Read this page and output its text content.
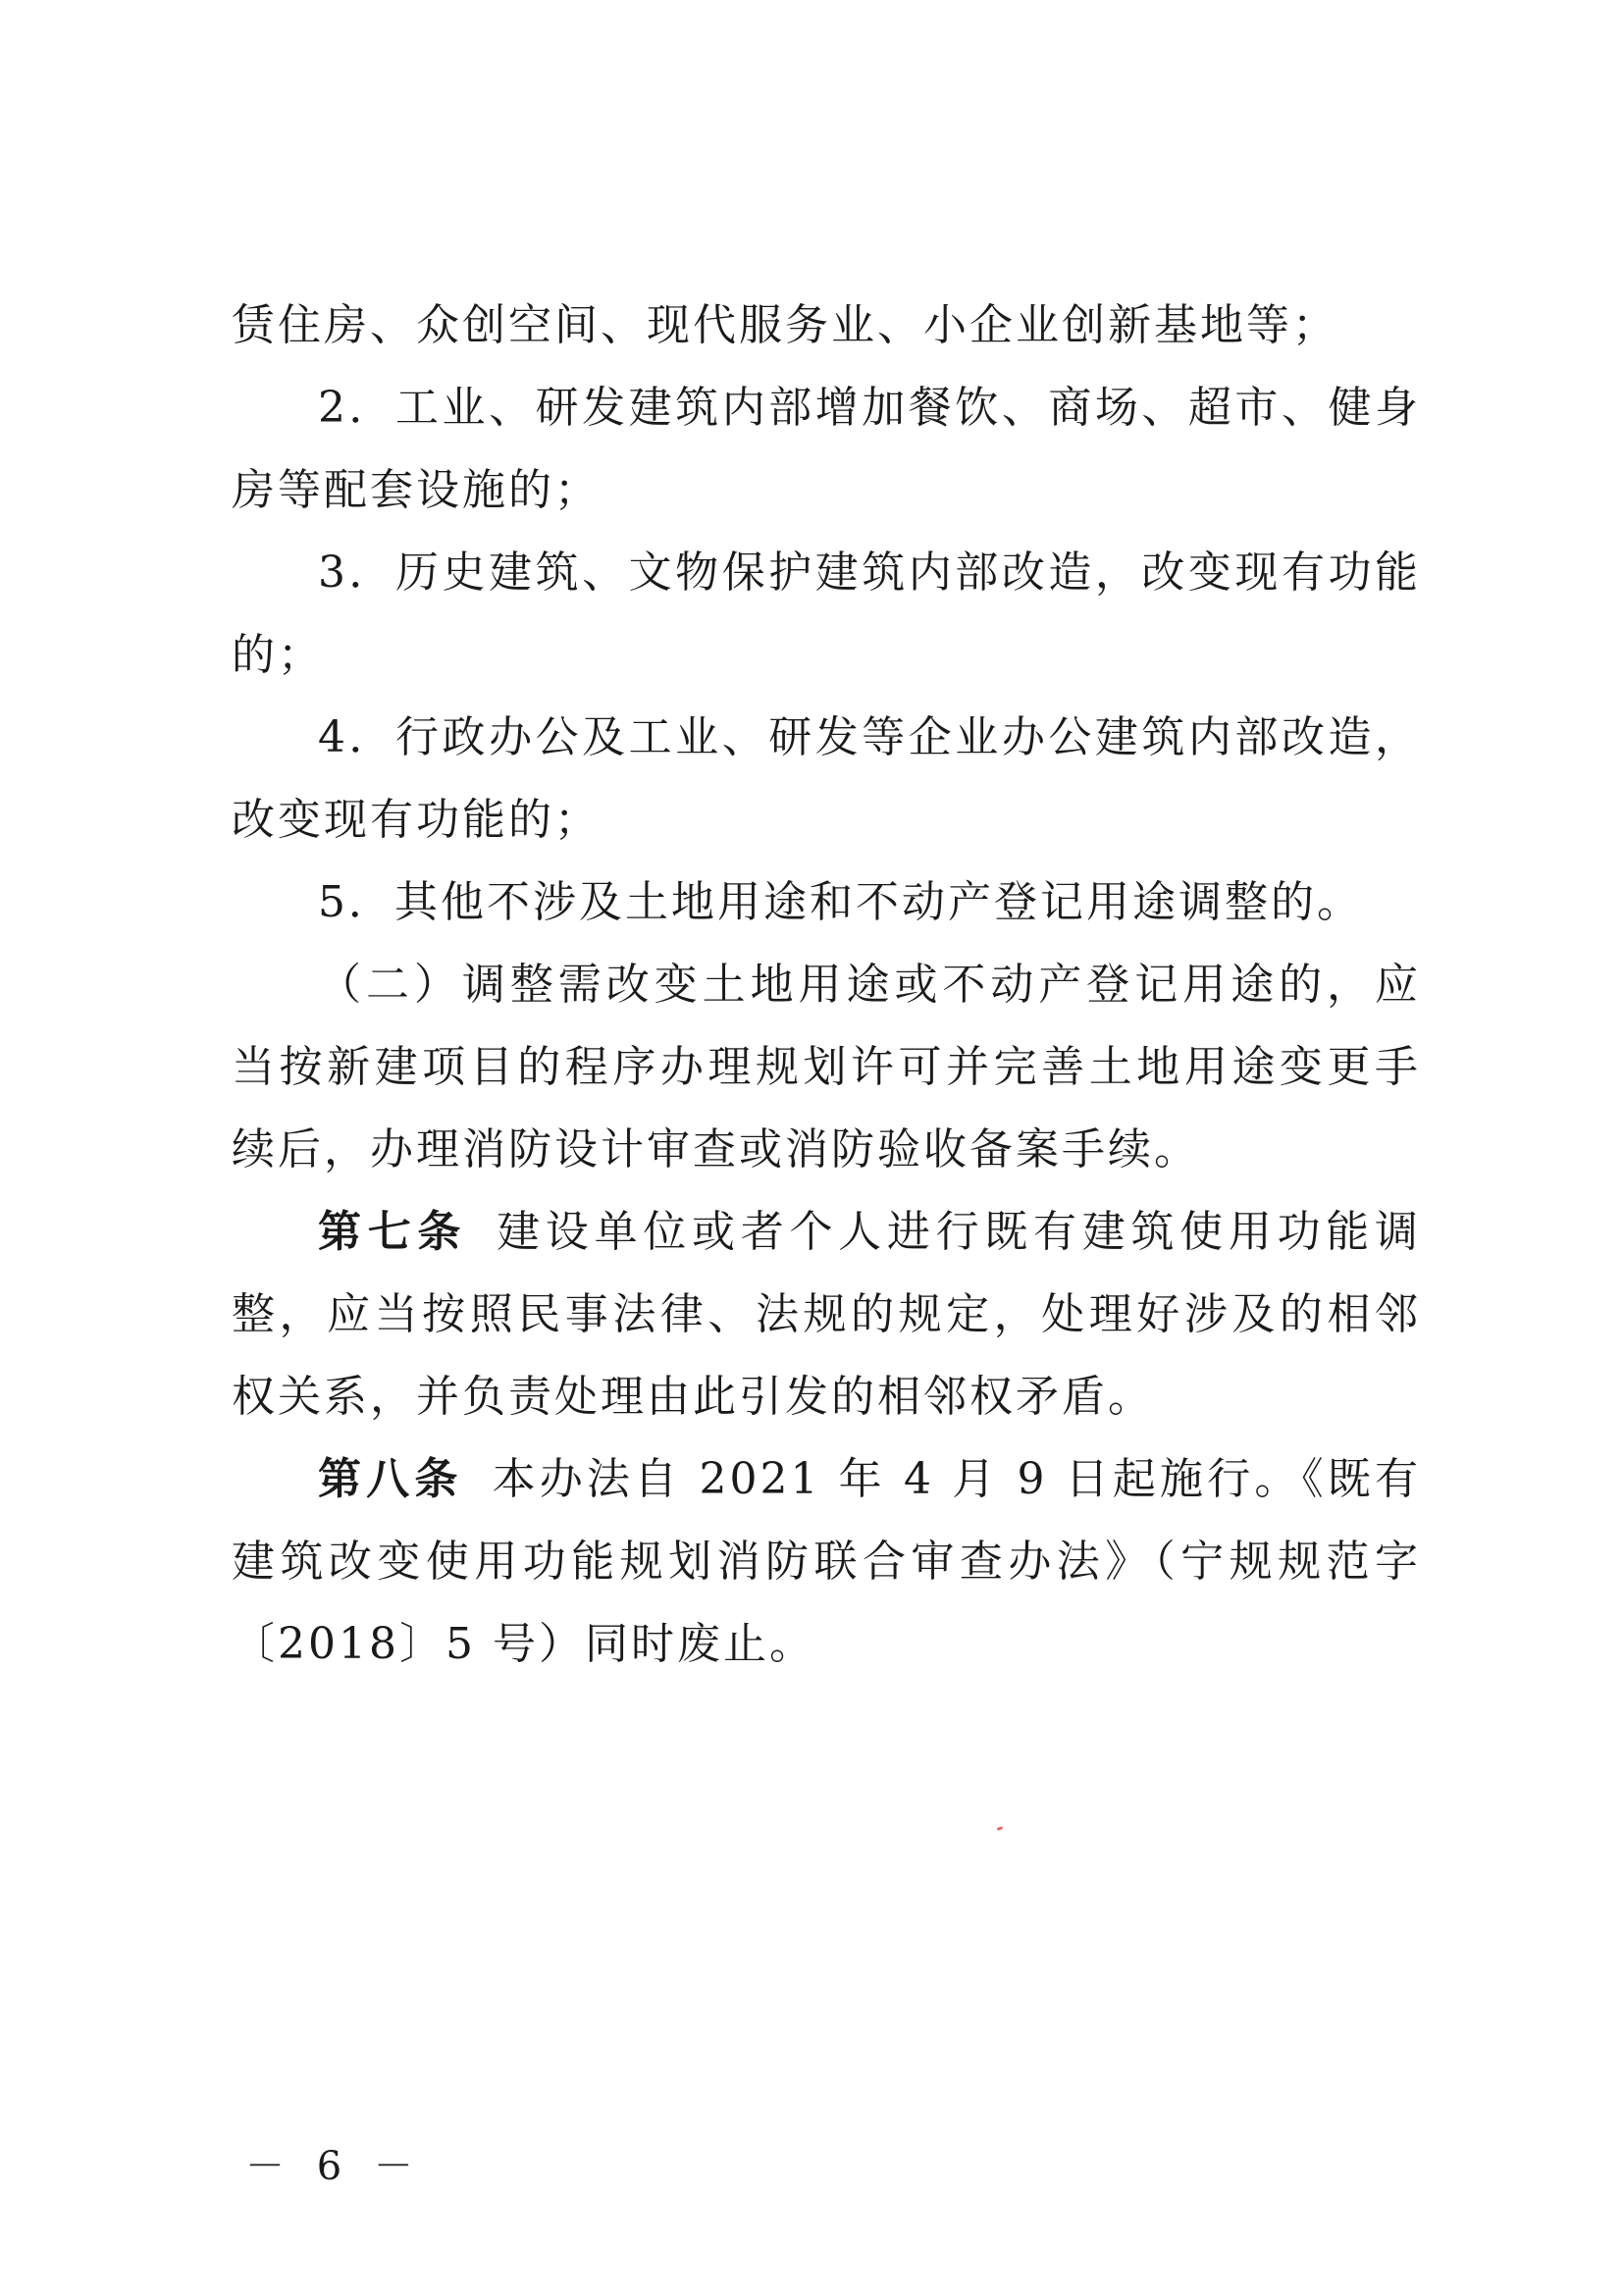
赁住房、众创空间、现代服务业、小企业创新基地等；

2．工业、研发建筑内部增加餐饮、商场、超市、健身房等配套设施的；

3．历史建筑、文物保护建筑内部改造，改变现有功能的；

4．行政办公及工业、研发等企业办公建筑内部改造，改变现有功能的；

5．其他不涉及土地用途和不动产登记用途调整的。

（二）调整需改变土地用途或不动产登记用途的，应当按新建项目的程序办理规划许可并完善土地用途变更手续后，办理消防设计审查或消防验收备案手续。

第七条 建设单位或者个人进行既有建筑使用功能调整，应当按照民事法律、法规的规定，处理好涉及的相邻权关系，并负责处理由此引发的相邻权矛盾。

第八条 本办法自 2021 年 4 月 9 日起施行。《既有建筑改变使用功能规划消防联合审查办法》（宁规规范字〔2018〕5 号）同时废止。

－ 6 －
